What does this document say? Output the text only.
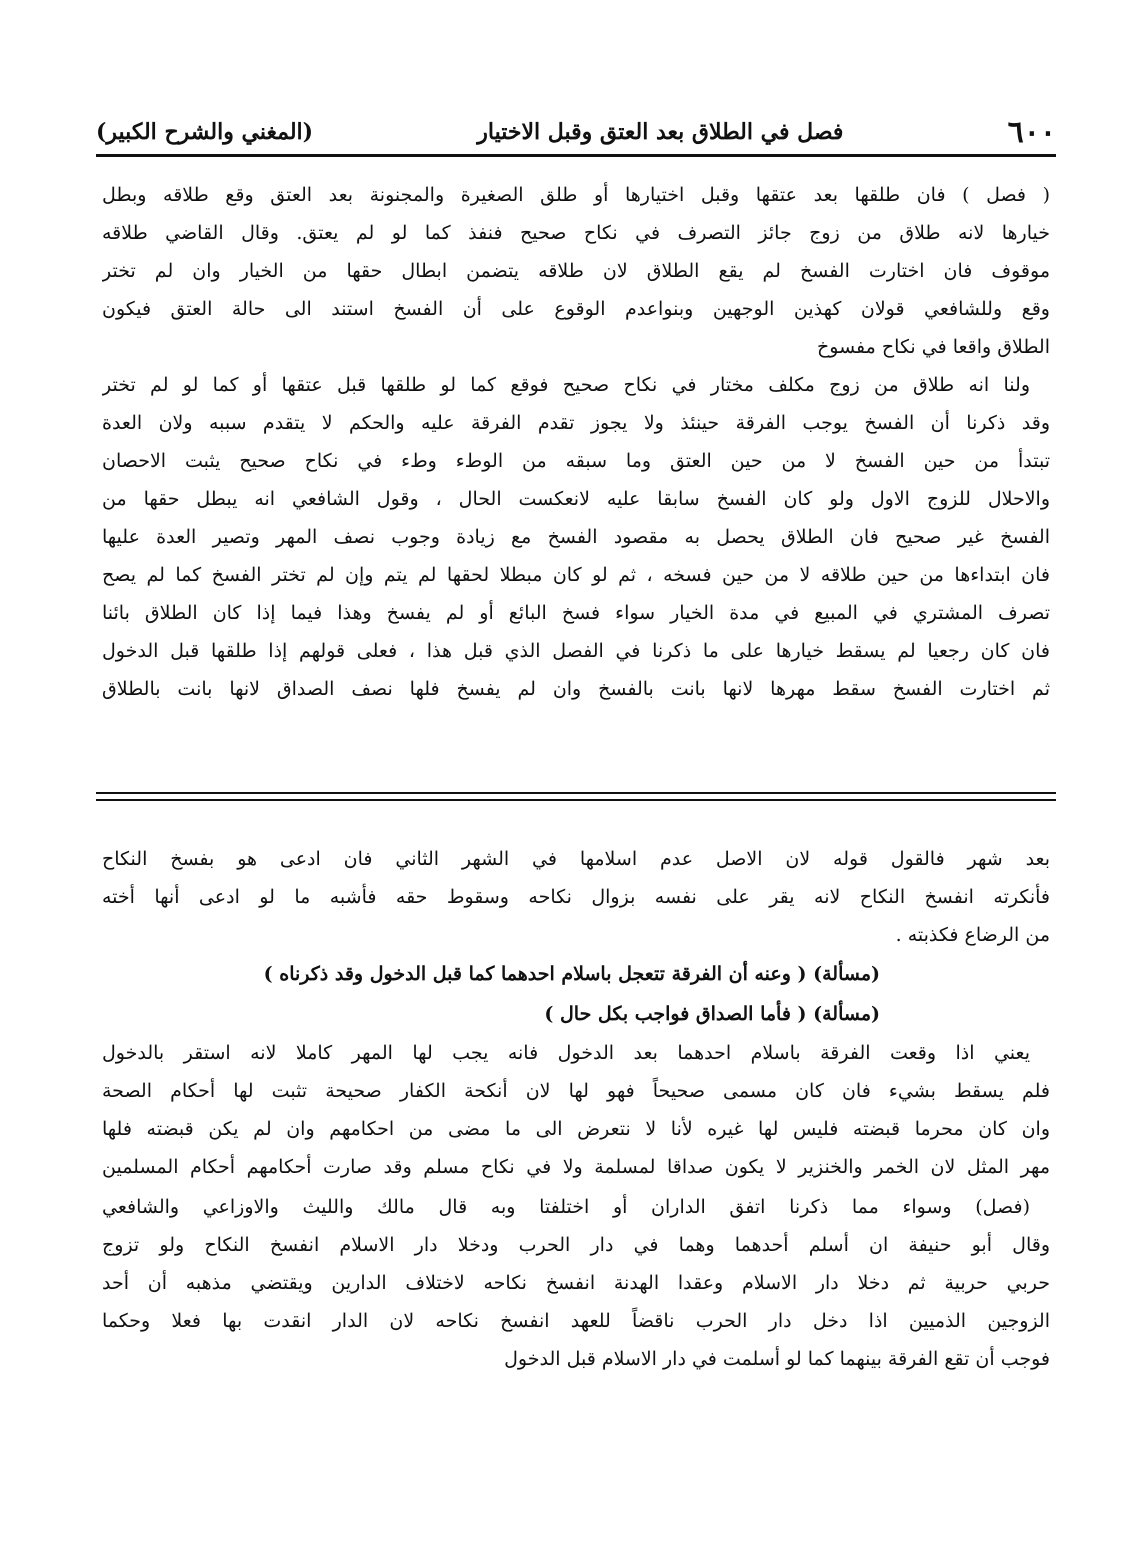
٦٠٠
فصل في الطلاق بعد العتق وقبل الاختيار
(المغني والشرح الكبير)
( فصل ) فان طلقها بعد عتقها وقبل اختيارها أو طلق الصغيرة والمجنونة بعد العتق وقع طلاقه وبطل
خيارها لانه طلاق من زوج جائز التصرف في نكاح صحيح فنفذ كما لو لم يعتق. وقال القاضي طلاقه
موقوف فان اختارت الفسخ لم يقع الطلاق لان طلاقه يتضمن ابطال حقها من الخيار وان لم تختر
وقع وللشافعي قولان كهذين الوجهين وبنواعدم الوقوع على أن الفسخ استند الى حالة العتق فيكون
الطلاق واقعا في نكاح مفسوخ
ولنا انه طلاق من زوج مكلف مختار في نكاح صحيح فوقع كما لو طلقها قبل عتقها أو كما لو لم تختر
وقد ذكرنا أن الفسخ يوجب الفرقة حينئذ ولا يجوز تقدم الفرقة عليه والحكم لا يتقدم سببه ولان العدة
تبتدأ من حين الفسخ لا من حين العتق وما سبقه من الوطء وطء في نكاح صحيح يثبت الاحصان
والاحلال للزوج الاول ولو كان الفسخ سابقا عليه لانعكست الحال ، وقول الشافعي انه يبطل حقها من
الفسخ غير صحيح فان الطلاق يحصل به مقصود الفسخ مع زيادة وجوب نصف المهر وتصير العدة عليها
فان ابتداءها من حين طلاقه لا من حين فسخه ، ثم لو كان مبطلا لحقها لم يتم وإن لم تختر الفسخ كما لم يصح
تصرف المشتري في المبيع في مدة الخيار سواء فسخ البائع أو لم يفسخ وهذا فيما إذا كان الطلاق بائنا
فان كان رجعيا لم يسقط خيارها على ما ذكرنا في الفصل الذي قبل هذا ، فعلى قولهم إذا طلقها قبل الدخول
ثم اختارت الفسخ سقط مهرها لانها بانت بالفسخ وان لم يفسخ فلها نصف الصداق لانها بانت بالطلاق
بعد شهر فالقول قوله لان الاصل عدم اسلامها في الشهر الثاني فان ادعى هو بفسخ النكاح
فأنكرته انفسخ النكاح لانه يقر على نفسه بزوال نكاحه وسقوط حقه فأشبه ما لو ادعى أنها أخته
من الرضاع فكذبته .
(مسألة) ( وعنه أن الفرقة تتعجل باسلام احدهما كما قبل الدخول وقد ذكرناه )
(مسألة) ( فأما الصداق فواجب بكل حال )
يعني اذا وقعت الفرقة باسلام احدهما بعد الدخول فانه يجب لها المهر كاملا لانه استقر بالدخول
فلم يسقط بشيء فان كان مسمى صحيحاً فهو لها لان أنكحة الكفار صحيحة تثبت لها أحكام الصحة
وان كان محرما قبضته فليس لها غيره لأنا لا نتعرض الى ما مضى من احكامهم وان لم يكن قبضته فلها
مهر المثل لان الخمر والخنزير لا يكون صداقا لمسلمة ولا في نكاح مسلم وقد صارت أحكامهم أحكام المسلمين
(فصل) وسواء مما ذكرنا اتفق الداران أو اختلفتا وبه قال مالك والليث والاوزاعي والشافعي
وقال أبو حنيفة ان أسلم أحدهما وهما في دار الحرب ودخلا دار الاسلام انفسخ النكاح ولو تزوج
حربي حربية ثم دخلا دار الاسلام وعقدا الهدنة انفسخ نكاحه لاختلاف الدارين ويقتضي مذهبه أن أحد
الزوجين الذميين اذا دخل دار الحرب ناقضاً للعهد انفسخ نكاحه لان الدار انقدت بها فعلا وحكما
فوجب أن تقع الفرقة بينهما كما لو أسلمت في دار الاسلام قبل الدخول
